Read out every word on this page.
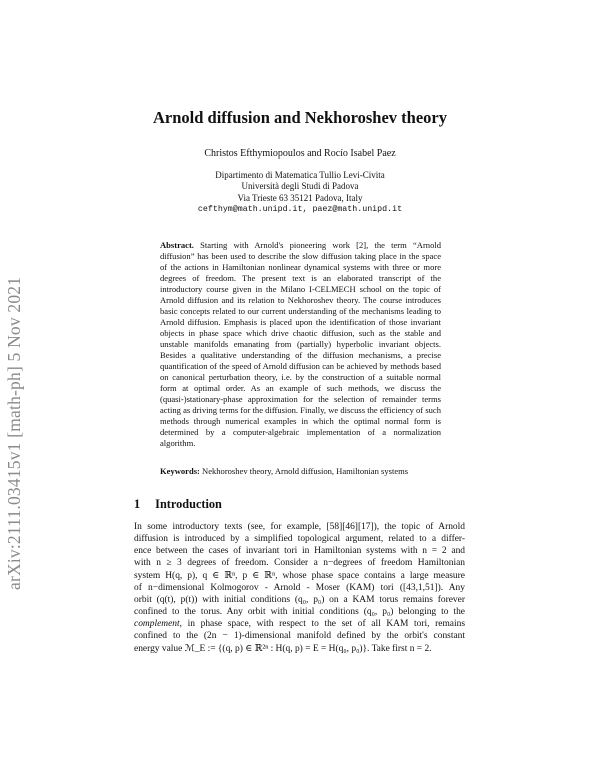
arXiv:2111.03415v1 [math-ph] 5 Nov 2021
Arnold diffusion and Nekhoroshev theory
Christos Efthymiopoulos and Rocío Isabel Paez
Dipartimento di Matematica Tullio Levi-Civita
Università degli Studi di Padova
Via Trieste 63 35121 Padova, Italy
cefthym@math.unipd.it, paez@math.unipd.it
Abstract. Starting with Arnold's pioneering work [2], the term “Arnold diffusion” has been used to describe the slow diffusion taking place in the space of the actions in Hamiltonian nonlinear dynamical systems with three or more degrees of freedom. The present text is an elaborated transcript of the introductory course given in the Milano I-CELMECH school on the topic of Arnold diffusion and its relation to Nekhoroshev theory. The course introduces basic concepts related to our current understanding of the mechanisms leading to Arnold diffusion. Emphasis is placed upon the identification of those invariant objects in phase space which drive chaotic diffusion, such as the stable and unstable manifolds emanating from (partially) hyperbolic invariant objects. Besides a qualitative understanding of the diffusion mechanisms, a precise quantification of the speed of Arnold diffusion can be achieved by methods based on canonical perturbation theory, i.e. by the construction of a suitable normal form at optimal order. As an example of such methods, we discuss the (quasi-)stationary-phase approximation for the selection of remainder terms acting as driving terms for the diffusion. Finally, we discuss the efficiency of such methods through numerical examples in which the optimal normal form is determined by a computer-algebraic implementation of a normalization algorithm.
Keywords: Nekhoroshev theory, Arnold diffusion, Hamiltonian systems
1 Introduction
In some introductory texts (see, for example, [58][46][17]), the topic of Arnold
diffusion is introduced by a simplified topological argument, related to a differ-
ence between the cases of invariant tori in Hamiltonian systems with n = 2 and
with n ≥ 3 degrees of freedom. Consider a n−degrees of freedom Hamiltonian
system H(q, p), q ∈ ℝⁿ, p ∈ ℝⁿ, whose phase space contains a large measure
of n−dimensional Kolmogorov - Arnold - Moser (KAM) tori ([43,1,51]). Any
orbit (q(t), p(t)) with initial conditions (q₀, p₀) on a KAM torus remains forever
confined to the torus. Any orbit with initial conditions (q₀, p₀) belonging to the
complement, in phase space, with respect to the set of all KAM tori, remains
confined to the (2n − 1)-dimensional manifold defined by the orbit's constant
energy value ℳ_E := {(q, p) ∈ ℝ²ⁿ : H(q, p) = E = H(q₀, p₀)}. Take first n = 2.
